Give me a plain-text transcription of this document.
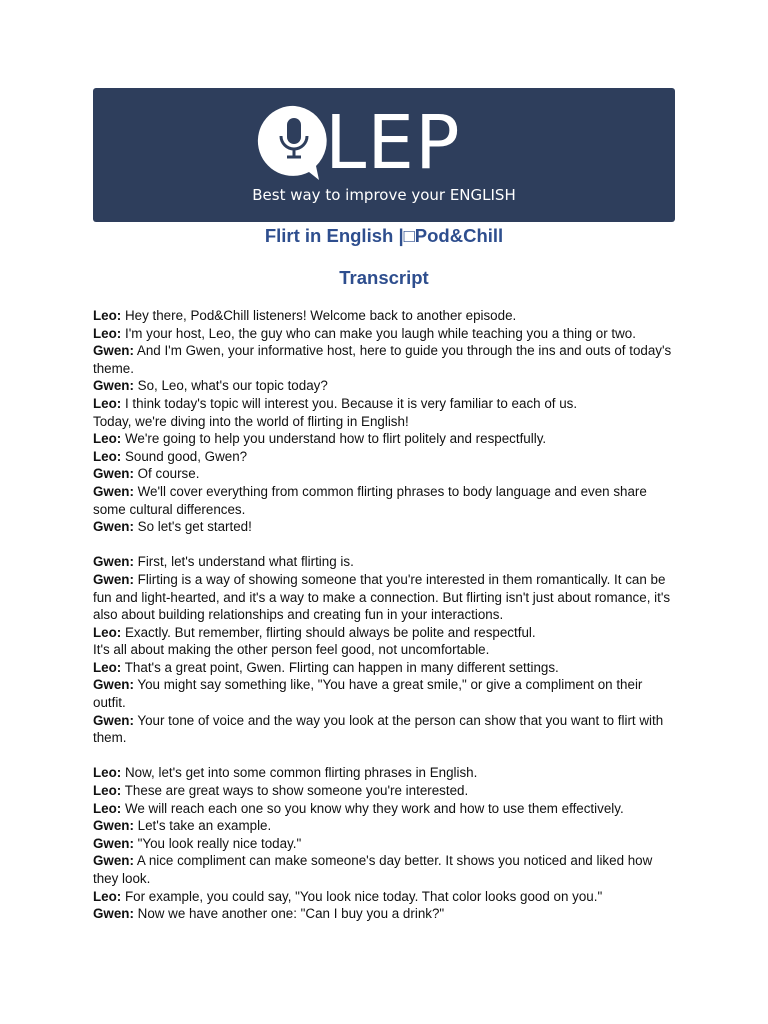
LEP
Best way to improve your ENGLISH
Flirt in English |□Pod&Chill
Transcript

Leo: Hey there, Pod&Chill listeners! Welcome back to another episode.

Leo: I'm your host, Leo, the guy who can make you laugh while teaching you a thing or two.

Gwen: And I'm Gwen, your informative host, here to guide you through the ins and outs of today's theme.

Gwen: So, Leo, what's our topic today?

Leo: I think today's topic will interest you. Because it is very familiar to each of us.

Today, we're diving into the world of flirting in English!

Leo: We're going to help you understand how to flirt politely and respectfully.

Leo: Sound good, Gwen?

Gwen: Of course.

Gwen: We'll cover everything from common flirting phrases to body language and even share some cultural differences.

Gwen: So let's get started!

Gwen: First, let's understand what flirting is.

Gwen: Flirting is a way of showing someone that you're interested in them romantically. It can be fun and light-hearted, and it's a way to make a connection. But flirting isn't just about romance, it's also about building relationships and creating fun in your interactions.

Leo: Exactly. But remember, flirting should always be polite and respectful.

It's all about making the other person feel good, not uncomfortable.

Leo: That's a great point, Gwen. Flirting can happen in many different settings.

Gwen: You might say something like, "You have a great smile," or give a compliment on their outfit.

Gwen: Your tone of voice and the way you look at the person can show that you want to flirt with them.

Leo: Now, let's get into some common flirting phrases in English.

Leo: These are great ways to show someone you're interested.

Leo: We will reach each one so you know why they work and how to use them effectively.

Gwen: Let's take an example.

Gwen: "You look really nice today."

Gwen: A nice compliment can make someone's day better. It shows you noticed and liked how they look.

Leo: For example, you could say, "You look nice today. That color looks good on you."

Gwen: Now we have another one: "Can I buy you a drink?"
